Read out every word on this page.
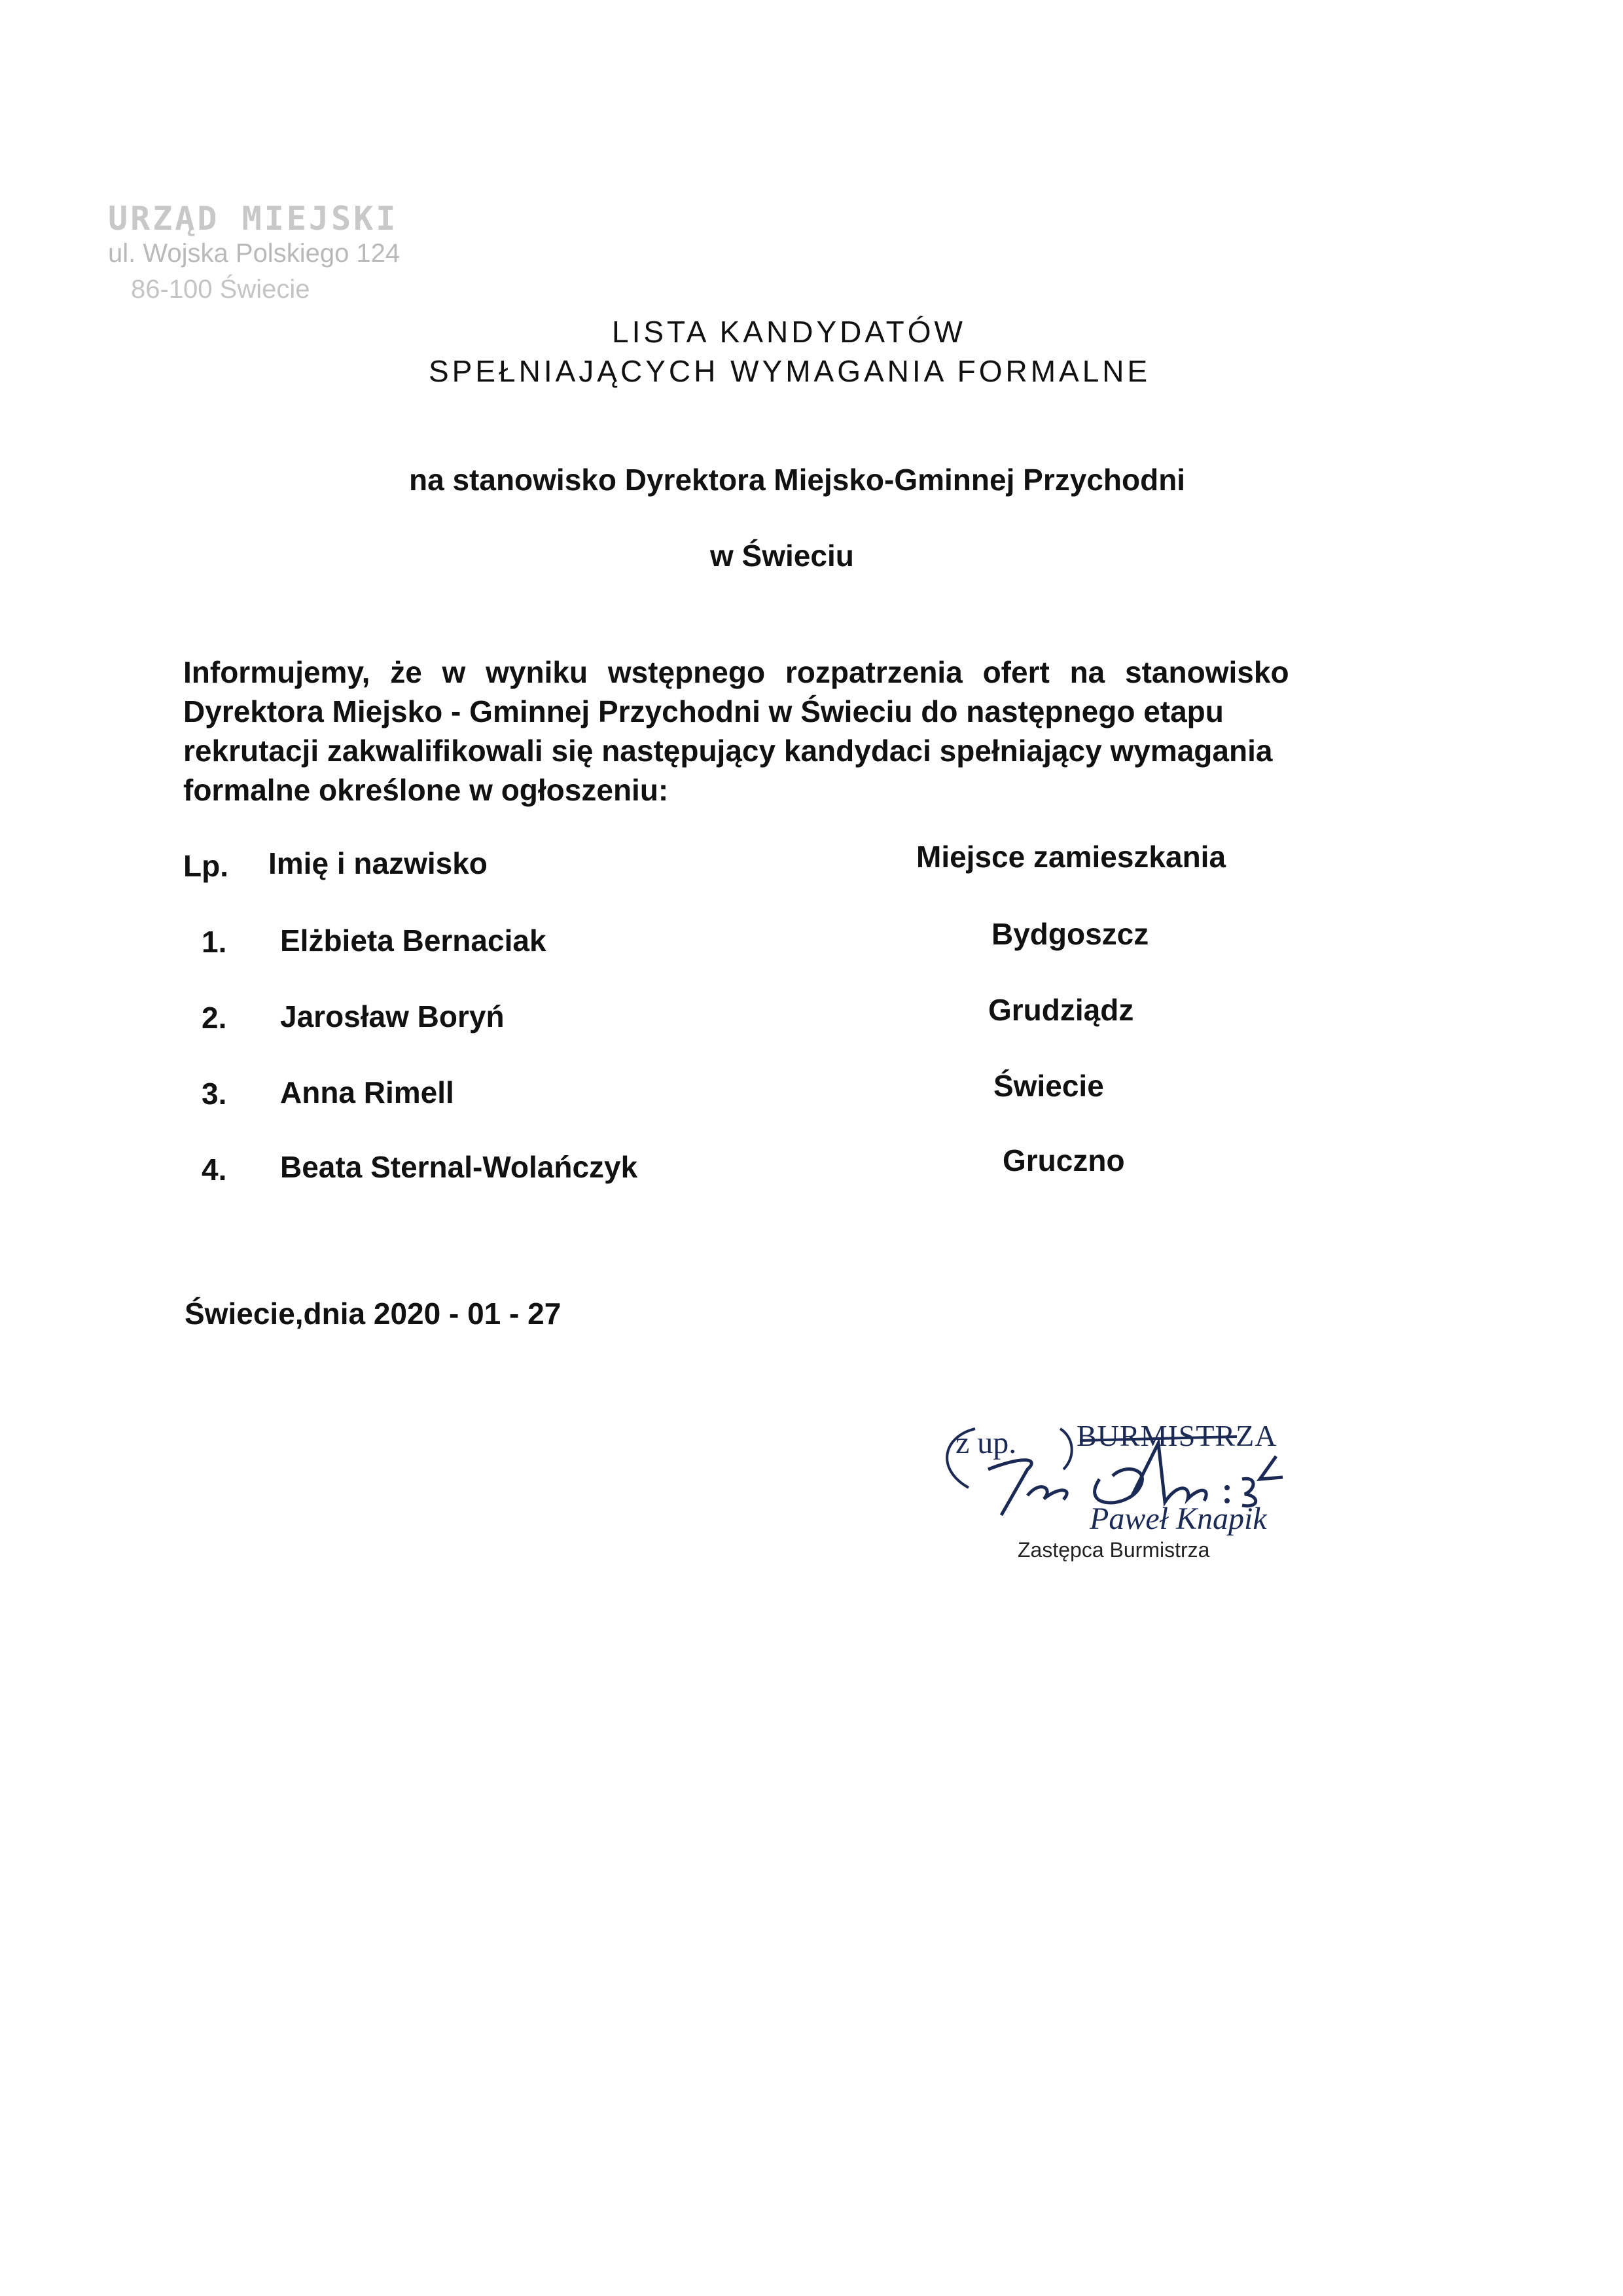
URZĄD MIEJSKI
ul. Wojska Polskiego 124
86-100 Świecie
LISTA KANDYDATÓW
SPEŁNIAJĄCYCH WYMAGANIA FORMALNE
na stanowisko Dyrektora Miejsko-Gminnej Przychodni
w Świeciu
Informujemy, że w wyniku wstępnego rozpatrzenia ofert na stanowisko
Dyrektora Miejsko - Gminnej Przychodni w Świeciu do następnego etapu
rekrutacji zakwalifikowali się następujący kandydaci spełniający wymagania
formalne określone w ogłoszeniu:
Lp. Imię i nazwisko	Miejsce zamieszkania
1. Elżbieta Bernaciak	Bydgoszcz
2. Jarosław Boryń	Grudziądz
3. Anna Rimell	Świecie
4. Beata Sternal-Wolańczyk	Gruczno
Świecie,dnia 2020 - 01 - 27
z up. BURMISTRZA
Paweł Knapik
Zastępca Burmistrza
